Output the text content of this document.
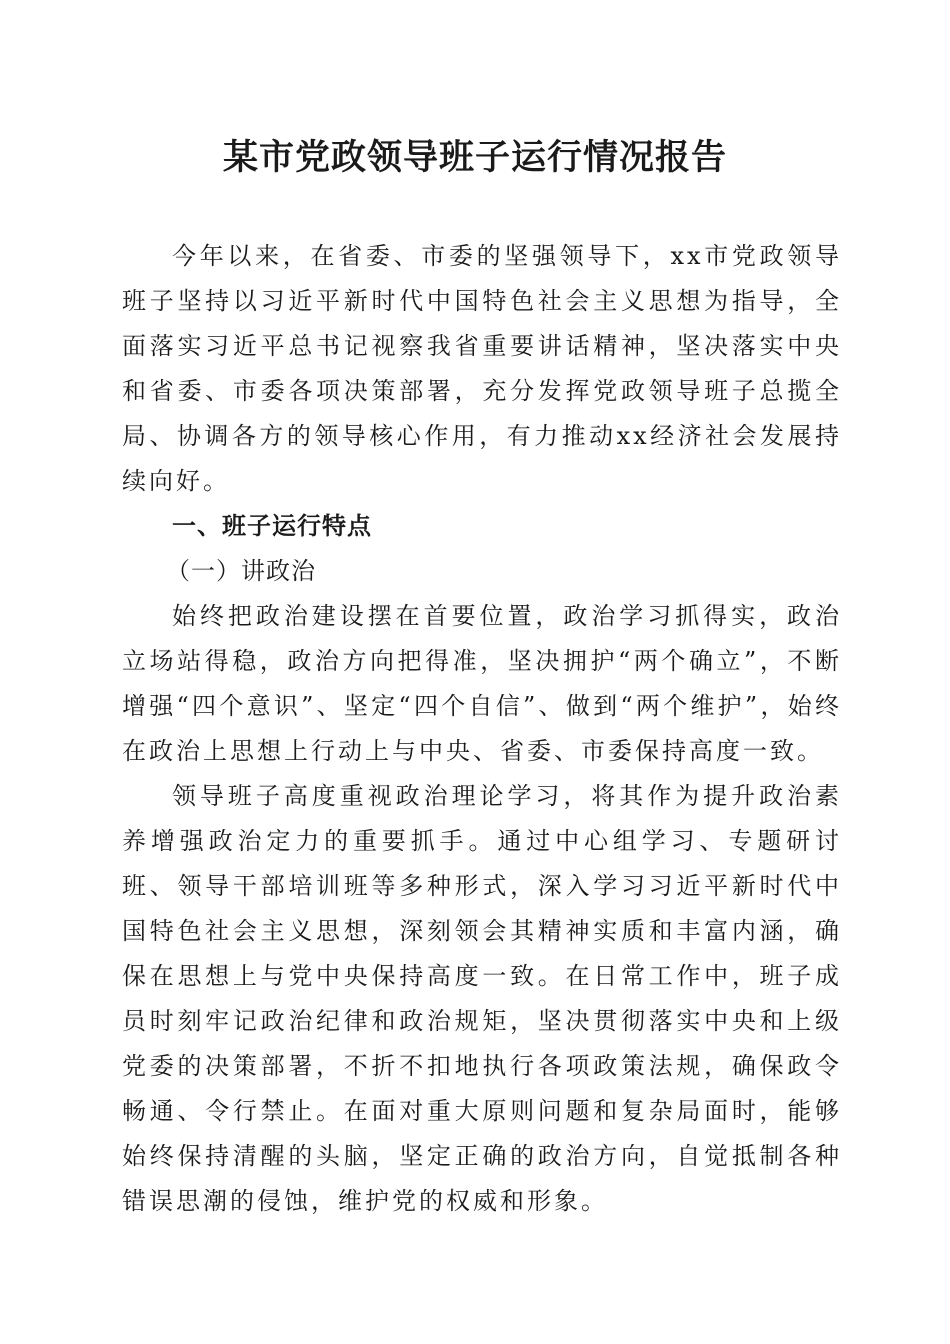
某市党政领导班子运行情况报告

今年以来，在省委、市委的坚强领导下，xx市党政领导班子坚持以习近平新时代中国特色社会主义思想为指导，全面落实习近平总书记视察我省重要讲话精神，坚决落实中央和省委、市委各项决策部署，充分发挥党政领导班子总揽全局、协调各方的领导核心作用，有力推动xx经济社会发展持续向好。

一、班子运行特点

（一）讲政治

始终把政治建设摆在首要位置，政治学习抓得实，政治立场站得稳，政治方向把得准，坚决拥护“两个确立”，不断增强“四个意识”、坚定“四个自信”、做到“两个维护”，始终在政治上思想上行动上与中央、省委、市委保持高度一致。

领导班子高度重视政治理论学习，将其作为提升政治素养增强政治定力的重要抓手。通过中心组学习、专题研讨班、领导干部培训班等多种形式，深入学习习近平新时代中国特色社会主义思想，深刻领会其精神实质和丰富内涵，确保在思想上与党中央保持高度一致。在日常工作中，班子成员时刻牢记政治纪律和政治规矩，坚决贯彻落实中央和上级党委的决策部署，不折不扣地执行各项政策法规，确保政令畅通、令行禁止。在面对重大原则问题和复杂局面时，能够始终保持清醒的头脑，坚定正确的政治方向，自觉抵制各种错误思潮的侵蚀，维护党的权威和形象。
